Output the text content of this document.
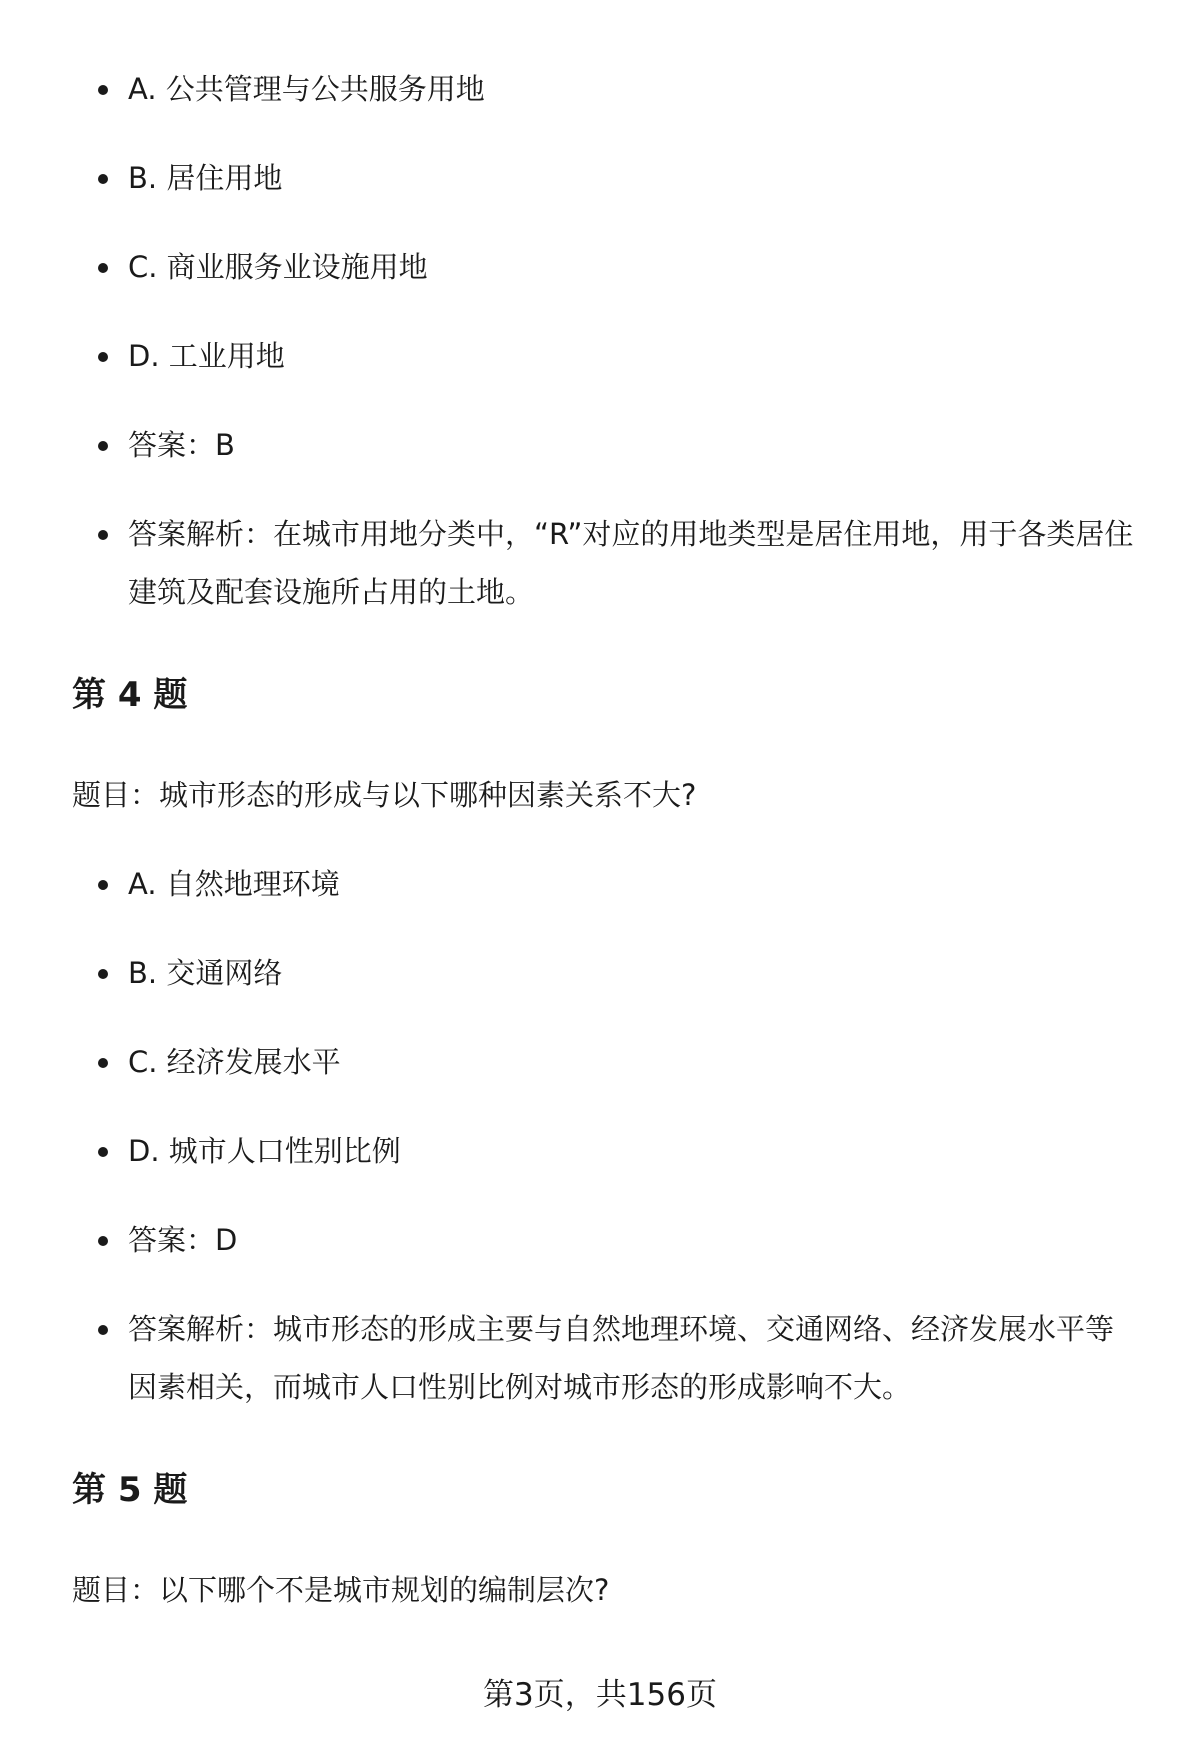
A. 公共管理与公共服务用地
B. 居住用地
C. 商业服务业设施用地
D. 工业用地
答案：B
答案解析：在城市用地分类中，“R”对应的用地类型是居住用地，用于各类居住建筑及配套设施所占用的土地。
第 4 题

题目：城市形态的形成与以下哪种因素关系不大?

A. 自然地理环境
B. 交通网络
C. 经济发展水平
D. 城市人口性别比例
答案：D
答案解析：城市形态的形成主要与自然地理环境、交通网络、经济发展水平等因素相关，而城市人口性别比例对城市形态的形成影响不大。
第 5 题

题目：以下哪个不是城市规划的编制层次?

第3页，共156页
